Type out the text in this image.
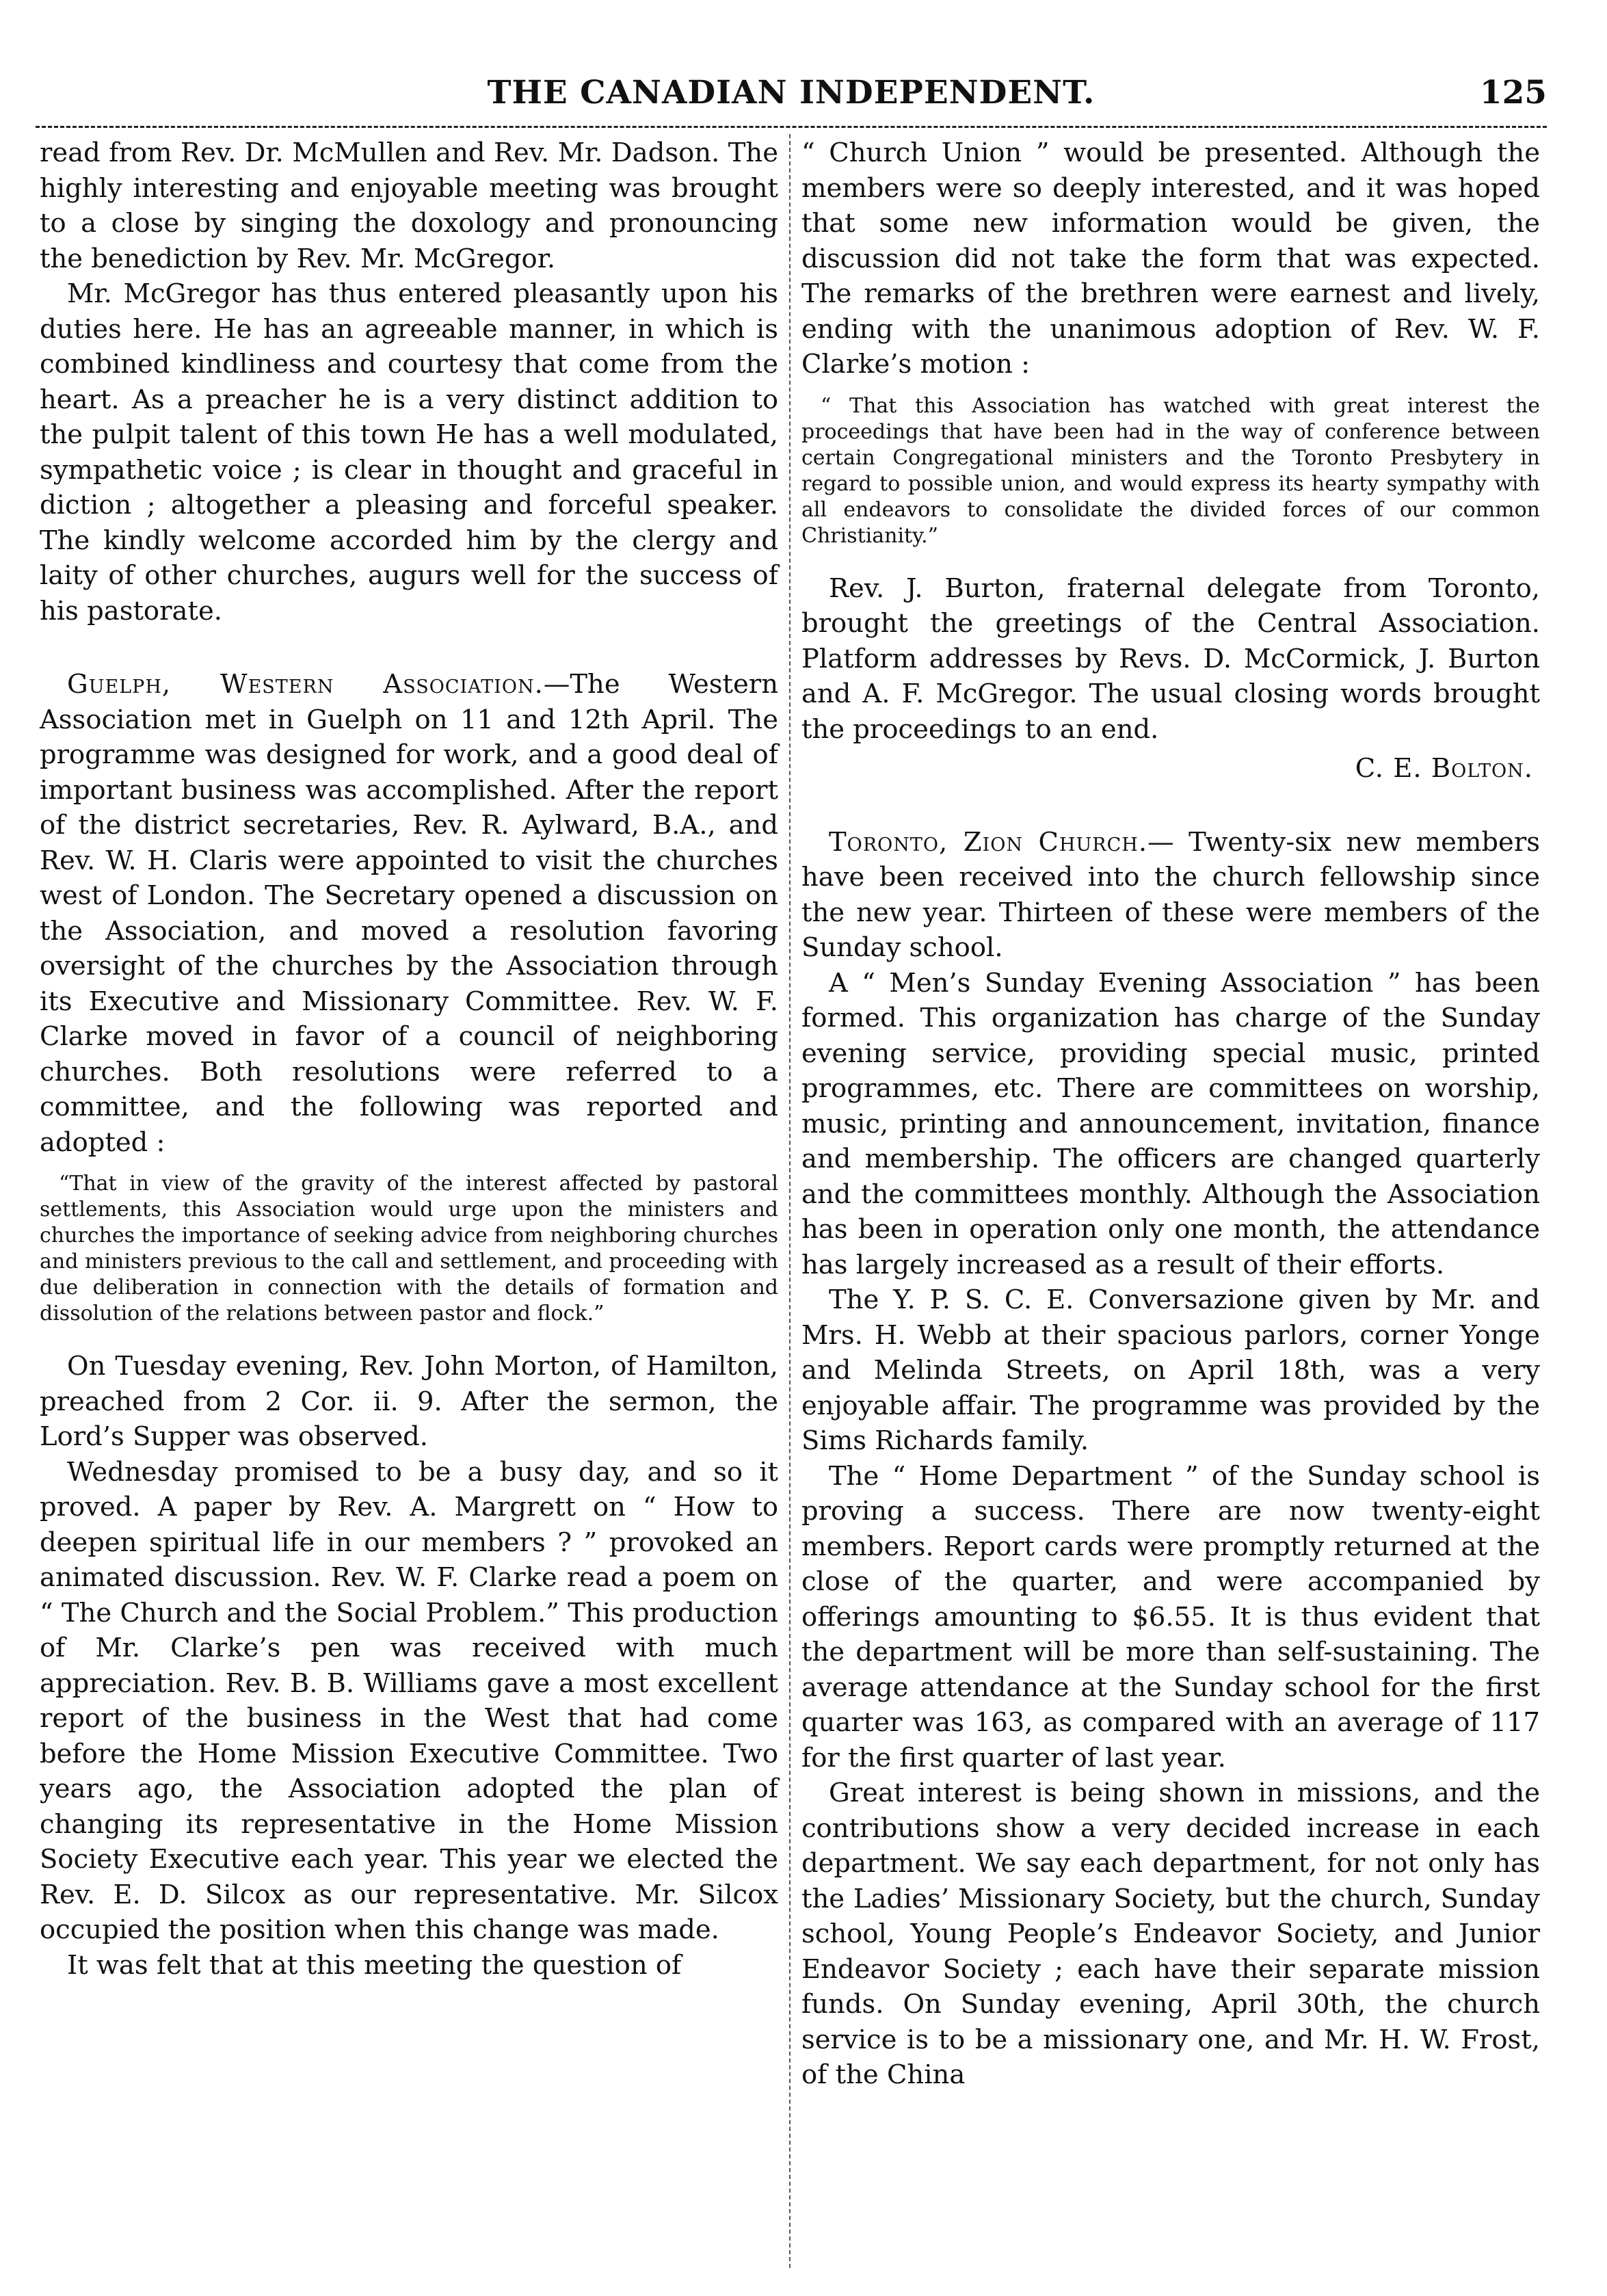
THE CANADIAN INDEPENDENT.	125

read from Rev. Dr. McMullen and Rev. Mr. Dadson. The highly interesting and enjoyable meeting was brought to a close by singing the doxology and pronouncing the benediction by Rev. Mr. McGregor.

Mr. McGregor has thus entered pleasantly upon his duties here. He has an agreeable manner, in which is combined kindliness and courtesy that come from the heart. As a preacher he is a very distinct addition to the pulpit talent of this town He has a well modulated, sympathetic voice ; is clear in thought and graceful in diction ; altogether a pleasing and forceful speaker. The kindly welcome accorded him by the clergy and laity of other churches, augurs well for the success of his pastorate.

Guelph, Western Association.—The Western Association met in Guelph on 11 and 12th April. The programme was designed for work, and a good deal of important business was accomplished. After the report of the district secretaries, Rev. R. Aylward, B.A., and Rev. W. H. Claris were appointed to visit the churches west of London. The Secretary opened a discussion on the Association, and moved a resolution favoring oversight of the churches by the Association through its Executive and Missionary Committee. Rev. W. F. Clarke moved in favor of a council of neighboring churches. Both resolutions were referred to a committee, and the following was reported and adopted :

“That in view of the gravity of the interest affected by pastoral settlements, this Association would urge upon the ministers and churches the importance of seeking advice from neighboring churches and ministers previous to the call and settlement, and proceeding with due deliberation in connection with the details of formation and dissolution of the relations between pastor and flock.”

On Tuesday evening, Rev. John Morton, of Hamilton, preached from 2 Cor. ii. 9. After the sermon, the Lord’s Supper was observed.

Wednesday promised to be a busy day, and so it proved. A paper by Rev. A. Margrett on “ How to deepen spiritual life in our members ? ” provoked an animated discussion. Rev. W. F. Clarke read a poem on “ The Church and the Social Problem.” This production of Mr. Clarke’s pen was received with much appreciation. Rev. B. B. Williams gave a most excellent report of the business in the West that had come before the Home Mission Executive Committee. Two years ago, the Association adopted the plan of changing its representative in the Home Mission Society Executive each year. This year we elected the Rev. E. D. Silcox as our representative. Mr. Silcox occupied the position when this change was made.

It was felt that at this meeting the question of

“ Church Union ” would be presented. Although the members were so deeply interested, and it was hoped that some new information would be given, the discussion did not take the form that was expected. The remarks of the brethren were earnest and lively, ending with the unanimous adoption of Rev. W. F. Clarke’s motion :

“ That this Association has watched with great interest the proceedings that have been had in the way of conference between certain Congregational ministers and the Toronto Presbytery in regard to possible union, and would express its hearty sympathy with all endeavors to consolidate the divided forces of our common Christianity.”

Rev. J. Burton, fraternal delegate from Toronto, brought the greetings of the Central Association. Platform addresses by Revs. D. McCormick, J. Burton and A. F. McGregor. The usual closing words brought the proceedings to an end.

C. E. Bolton.

Toronto, Zion Church.— Twenty-six new members have been received into the church fellowship since the new year. Thirteen of these were members of the Sunday school.

A “ Men’s Sunday Evening Association ” has been formed. This organization has charge of the Sunday evening service, providing special music, printed programmes, etc. There are committees on worship, music, printing and announcement, invitation, finance and membership. The officers are changed quarterly and the committees monthly. Although the Association has been in operation only one month, the attendance has largely increased as a result of their efforts.

The Y. P. S. C. E. Conversazione given by Mr. and Mrs. H. Webb at their spacious parlors, corner Yonge and Melinda Streets, on April 18th, was a very enjoyable affair. The programme was provided by the Sims Richards family.

The “ Home Department ” of the Sunday school is proving a success. There are now twenty-eight members. Report cards were promptly returned at the close of the quarter, and were accompanied by offerings amounting to $6.55. It is thus evident that the department will be more than self-sustaining. The average attendance at the Sunday school for the first quarter was 163, as compared with an average of 117 for the first quarter of last year.

Great interest is being shown in missions, and the contributions show a very decided increase in each department. We say each department, for not only has the Ladies’ Missionary Society, but the church, Sunday school, Young People’s Endeavor Society, and Junior Endeavor Society ; each have their separate mission funds. On Sunday evening, April 30th, the church service is to be a missionary one, and Mr. H. W. Frost, of the China
